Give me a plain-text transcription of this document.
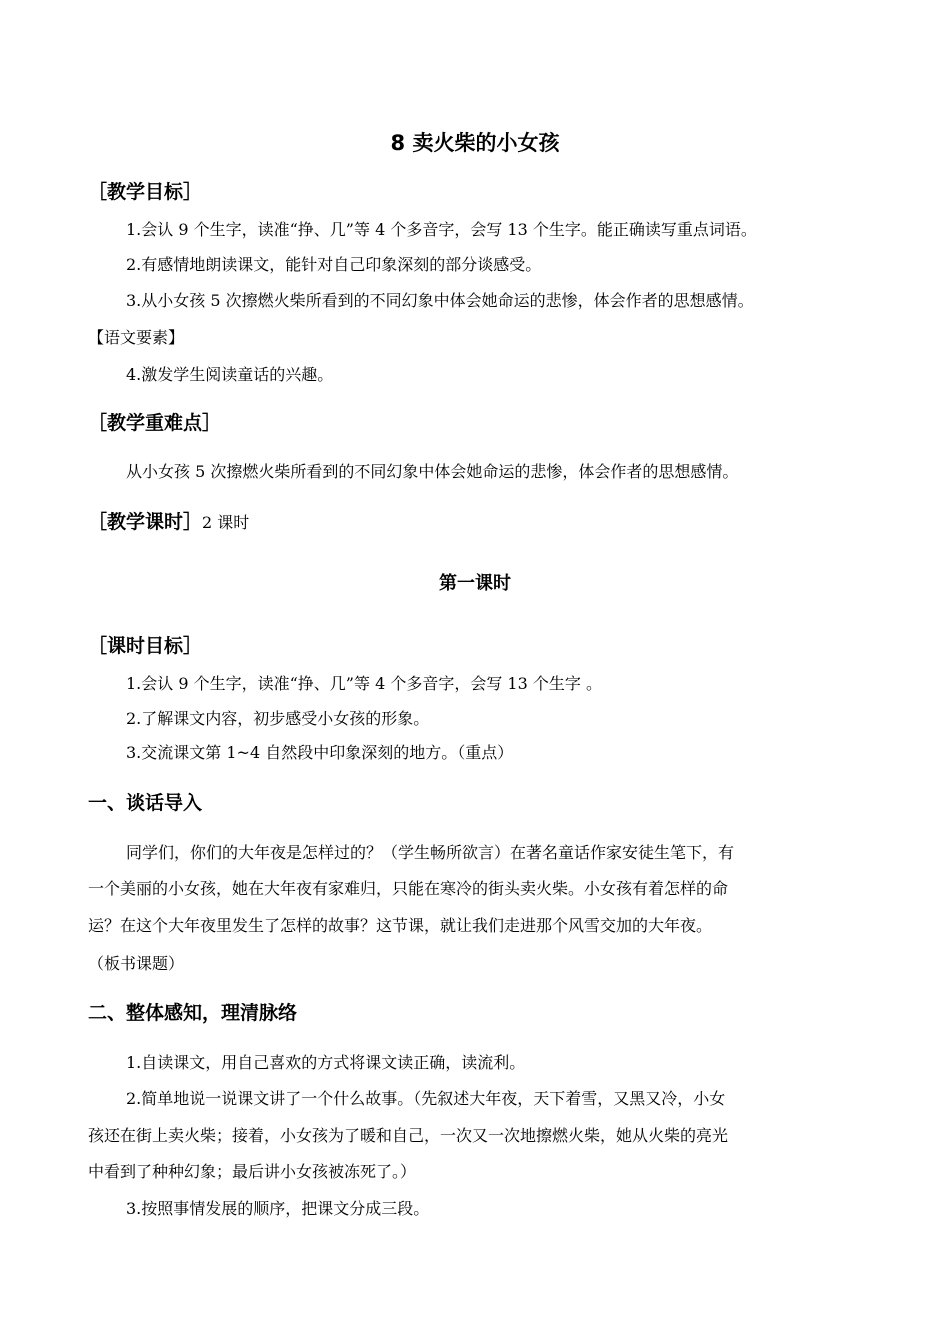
8 卖火柴的小女孩
［教学目标］
1.会认 9 个生字，读准“挣、几”等 4 个多音字，会写 13 个生字。能正确读写重点词语。
2.有感情地朗读课文，能针对自己印象深刻的部分谈感受。
3.从小女孩 5 次擦燃火柴所看到的不同幻象中体会她命运的悲惨，体会作者的思想感情。
【语文要素】
4.激发学生阅读童话的兴趣。
［教学重难点］
从小女孩 5 次擦燃火柴所看到的不同幻象中体会她命运的悲惨，体会作者的思想感情。
［教学课时］2 课时
第一课时
［课时目标］
1.会认 9 个生字，读准“挣、几”等 4 个多音字，会写 13 个生字 。
2.了解课文内容，初步感受小女孩的形象。
3.交流课文第 1~4 自然段中印象深刻的地方。（重点）
一、谈话导入
同学们，你们的大年夜是怎样过的？（学生畅所欲言）在著名童话作家安徒生笔下，有
一个美丽的小女孩，她在大年夜有家难归，只能在寒冷的街头卖火柴。小女孩有着怎样的命
运？在这个大年夜里发生了怎样的故事？这节课，就让我们走进那个风雪交加的大年夜。
（板书课题）
二、整体感知，理清脉络
1.自读课文，用自己喜欢的方式将课文读正确，读流利。
2.简单地说一说课文讲了一个什么故事。（先叙述大年夜，天下着雪，又黑又冷，小女
孩还在街上卖火柴；接着，小女孩为了暖和自己，一次又一次地擦燃火柴，她从火柴的亮光
中看到了种种幻象；最后讲小女孩被冻死了。）
3.按照事情发展的顺序，把课文分成三段。
